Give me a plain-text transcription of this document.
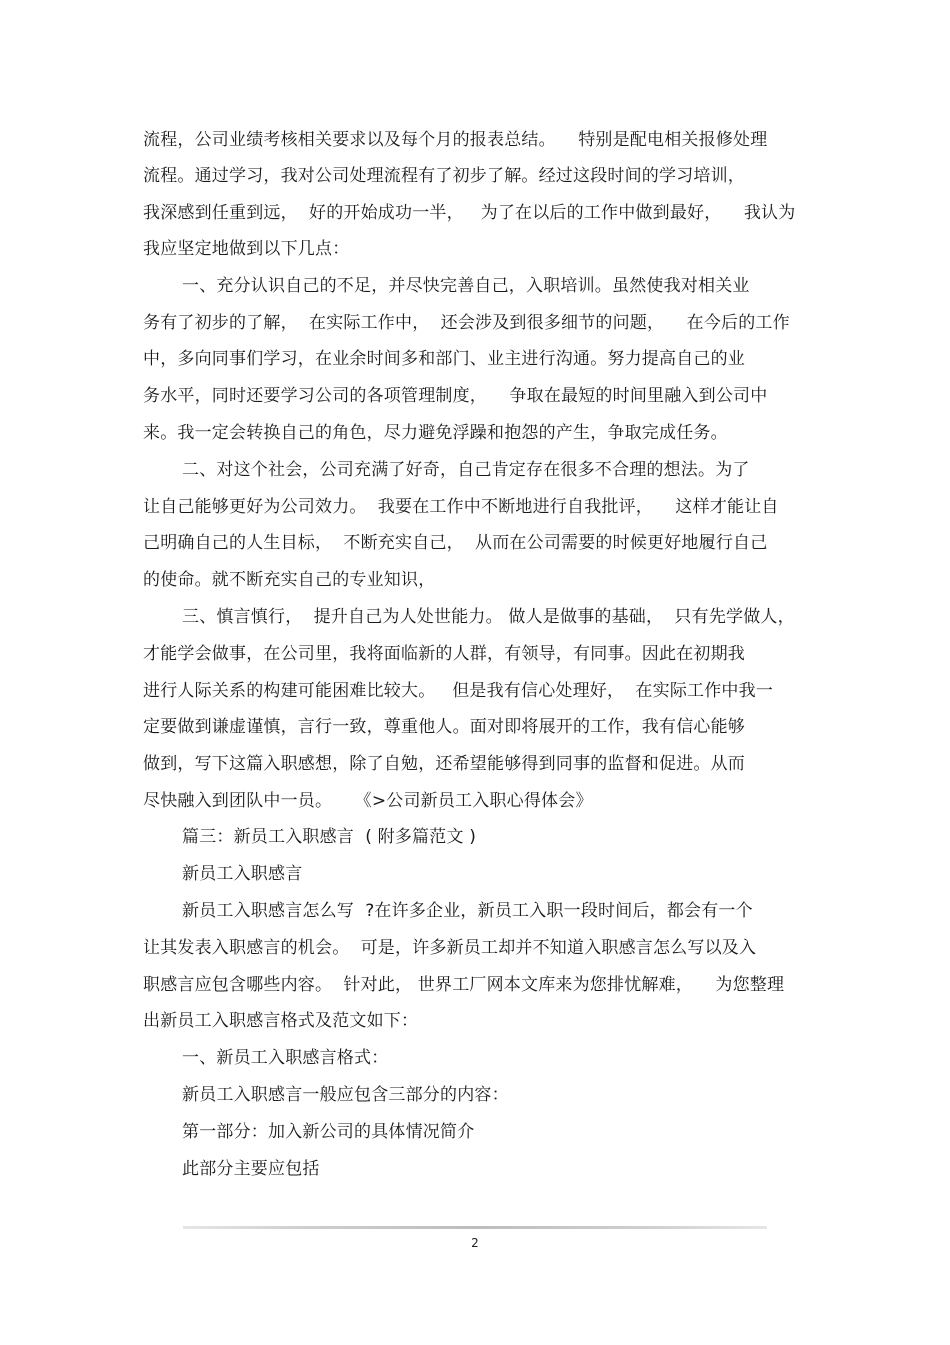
流程，公司业绩考核相关要求以及每个月的报表总结。    特别是配电相关报修处理
流程。通过学习，我对公司处理流程有了初步了解。经过这段时间的学习培训，
我深感到任重到远，  好的开始成功一半，   为了在以后的工作中做到最好，    我认为
我应坚定地做到以下几点：
一、充分认识自己的不足，并尽快完善自己，入职培训。虽然使我对相关业
务有了初步的了解，  在实际工作中，  还会涉及到很多细节的问题，    在今后的工作
中，多向同事们学习，在业余时间多和部门、业主进行沟通。努力提高自己的业
务水平，同时还要学习公司的各项管理制度，    争取在最短的时间里融入到公司中
来。我一定会转换自己的角色，尽力避免浮躁和抱怨的产生，争取完成任务。
二、对这个社会，公司充满了好奇，自己肯定存在很多不合理的想法。为了
让自己能够更好为公司效力。  我要在工作中不断地进行自我批评，    这样才能让自
己明确自己的人生目标，  不断充实自己，  从而在公司需要的时候更好地履行自己
的使命。就不断充实自己的专业知识，
三、慎言慎行，  提升自己为人处世能力。 做人是做事的基础，  只有先学做人，
才能学会做事，在公司里，我将面临新的人群，有领导，有同事。因此在初期我
进行人际关系的构建可能困难比较大。   但是我有信心处理好，  在实际工作中我一
定要做到谦虚谨慎，言行一致，尊重他人。面对即将展开的工作，我有信心能够
做到，写下这篇入职感想，除了自勉，还希望能够得到同事的监督和促进。从而
尽快融入到团队中一员。    《>公司新员工入职心得体会》
篇三：新员工入职感言  ( 附多篇范文 )
新员工入职感言
新员工入职感言怎么写  ?在许多企业，新员工入职一段时间后，都会有一个
让其发表入职感言的机会。  可是，许多新员工却并不知道入职感言怎么写以及入
职感言应包含哪些内容。  针对此， 世界工厂网本文库来为您排忧解难，    为您整理
出新员工入职感言格式及范文如下：
一、新员工入职感言格式：
新员工入职感言一般应包含三部分的内容：
第一部分：加入新公司的具体情况简介
此部分主要应包括
2
